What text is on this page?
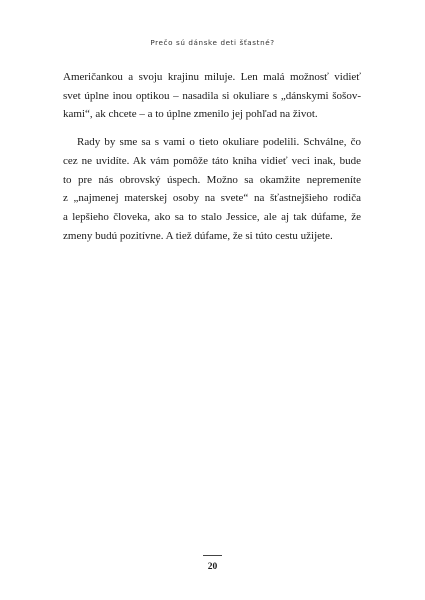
Prečo sú dánske deti šťastné?

Američankou a svoju krajinu miluje. Len malá možnosť vidieť
svet úplne inou optikou – nasadila si okuliare s „dánskymi šošov-
kami“, ak chcete – a to úplne zmenilo jej pohľad na život.

Rady by sme sa s vami o tieto okuliare podelili. Schválne, čo
cez ne uvidíte. Ak vám pomôže táto kniha vidieť veci inak, bude
to pre nás obrovský úspech. Možno sa okamžite nepremeníte
z „najmenej materskej osoby na svete“ na šťastnejšieho rodiča
a lepšieho človeka, ako sa to stalo Jessice, ale aj tak dúfame, že
zmeny budú pozitívne. A tiež dúfame, že si túto cestu užijete.

20
